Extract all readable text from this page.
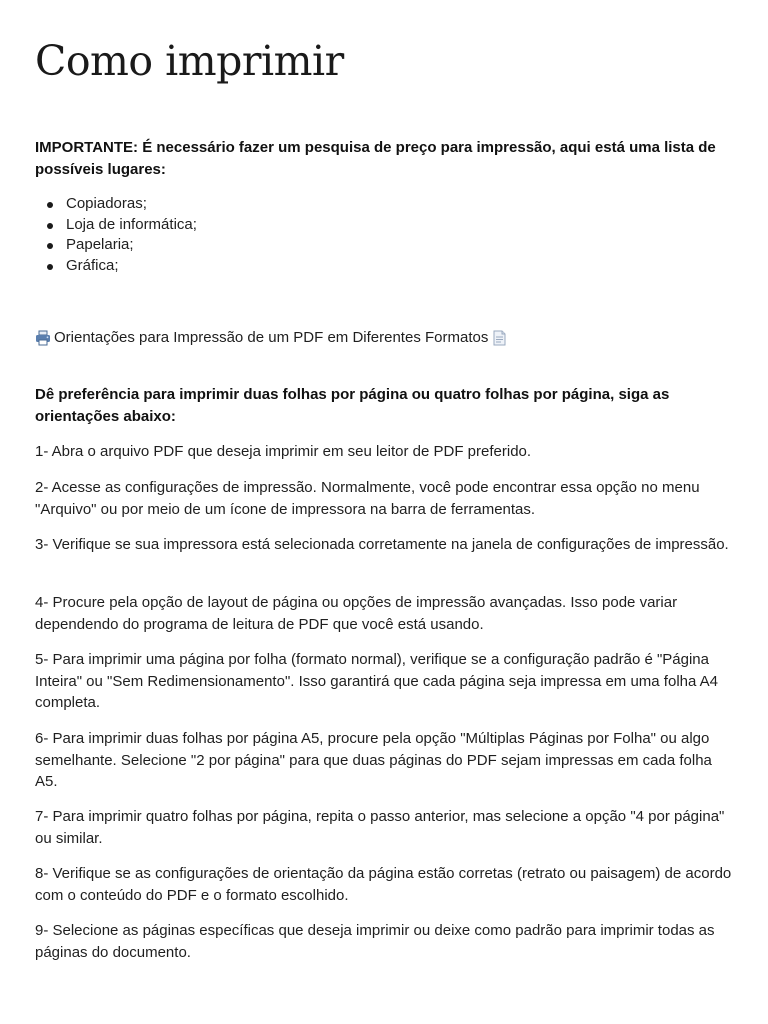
Como imprimir

IMPORTANTE: É necessário fazer um pesquisa de preço para impressão, aqui está uma lista de possíveis lugares:

Copiadoras;
Loja de informática;
Papelaria;
Gráfica;
Orientações para Impressão de um PDF em Diferentes Formatos

Dê preferência para imprimir duas folhas por página ou quatro folhas por página, siga as orientações abaixo:

1- Abra o arquivo PDF que deseja imprimir em seu leitor de PDF preferido.

2- Acesse as configurações de impressão. Normalmente, você pode encontrar essa opção no menu "Arquivo" ou por meio de um ícone de impressora na barra de ferramentas.

3- Verifique se sua impressora está selecionada corretamente na janela de configurações de impressão.

4- Procure pela opção de layout de página ou opções de impressão avançadas. Isso pode variar dependendo do programa de leitura de PDF que você está usando.

5- Para imprimir uma página por folha (formato normal), verifique se a configuração padrão é "Página Inteira" ou "Sem Redimensionamento". Isso garantirá que cada página seja impressa em uma folha A4 completa.

6- Para imprimir duas folhas por página A5, procure pela opção "Múltiplas Páginas por Folha" ou algo semelhante. Selecione "2 por página" para que duas páginas do PDF sejam impressas em cada folha A5.

7- Para imprimir quatro folhas por página, repita o passo anterior, mas selecione a opção "4 por página" ou similar.

8- Verifique se as configurações de orientação da página estão corretas (retrato ou paisagem) de acordo com o conteúdo do PDF e o formato escolhido.

9- Selecione as páginas específicas que deseja imprimir ou deixe como padrão para imprimir todas as páginas do documento.
